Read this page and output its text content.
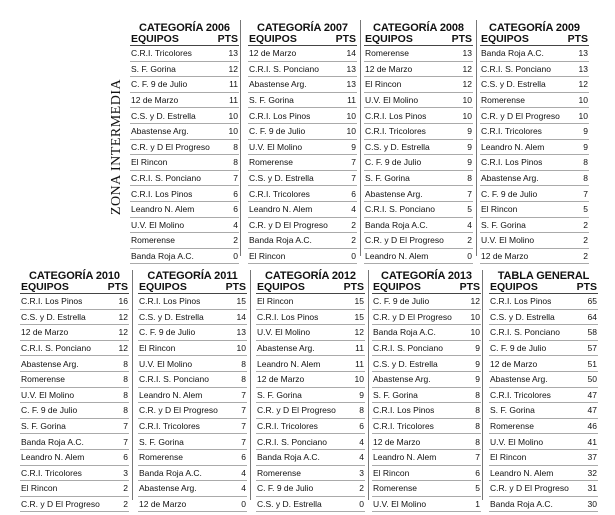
ZONA INTERMEDIA
CATEGORÍA 2006
EQUIPOS	PTS
C.R.I. Tricolores	13
S. F. Gorina	12
C. F. 9 de Julio	11
12 de Marzo	11
C.S. y D. Estrella	10
Abastense Arg.	10
C.R. y D El Progreso	8
El Rincon	8
C.R.I. S. Ponciano	7
C.R.I. Los Pinos	6
Leandro N. Alem	6
U.V. El Molino	4
Romerense	2
Banda Roja A.C.	0
CATEGORÍA 2007
EQUIPOS	PTS
12 de Marzo	14
C.R.I. S. Ponciano	13
Abastense Arg.	13
S. F. Gorina	11
C.R.I. Los Pinos	10
C. F. 9 de Julio	10
U.V. El Molino	9
Romerense	7
C.S. y D. Estrella	7
C.R.I. Tricolores	6
Leandro N. Alem	4
C.R. y D El Progreso	2
Banda Roja A.C.	2
El Rincon	0
CATEGORÍA 2008
EQUIPOS	PTS
Romerense	13
12 de Marzo	12
El Rincon	12
U.V. El Molino	10
C.R.I. Los Pinos	10
C.R.I. Tricolores	9
C.S. y D. Estrella	9
C. F. 9 de Julio	9
S. F. Gorina	8
Abastense Arg.	7
C.R.I. S. Ponciano	5
Banda Roja A.C.	4
C.R. y D El Progreso	2
Leandro N. Alem	0
CATEGORÍA 2009
EQUIPOS	PTS
Banda Roja A.C.	13
C.R.I. S. Ponciano	13
C.S. y D. Estrella	12
Romerense	10
C.R. y D El Progreso	10
C.R.I. Tricolores	9
Leandro N. Alem	9
C.R.I. Los Pinos	8
Abastense Arg.	8
C. F. 9 de Julio	7
El Rincon	5
S. F. Gorina	2
U.V. El Molino	2
12 de Marzo	2
CATEGORÍA 2010
EQUIPOS	PTS
C.R.I. Los Pinos	16
C.S. y D. Estrella	12
12 de Marzo	12
C.R.I. S. Ponciano	12
Abastense Arg.	8
Romerense	8
U.V. El Molino	8
C. F. 9 de Julio	8
S. F. Gorina	7
Banda Roja A.C.	7
Leandro N. Alem	6
C.R.I. Tricolores	3
El Rincon	2
C.R. y D El Progreso	2
CATEGORÍA 2011
EQUIPOS	PTS
C.R.I. Los Pinos	15
C.S. y D. Estrella	14
C. F. 9 de Julio	13
El Rincon	10
U.V. El Molino	8
C.R.I. S. Ponciano	8
Leandro N. Alem	7
C.R. y D El Progreso	7
C.R.I. Tricolores	7
S. F. Gorina	7
Romerense	6
Banda Roja A.C.	4
Abastense Arg.	4
12 de Marzo	0
CATEGORÍA 2012
EQUIPOS	PTS
El Rincon	15
C.R.I. Los Pinos	15
U.V. El Molino	12
Abastense Arg.	11
Leandro N. Alem	11
12 de Marzo	10
S. F. Gorina	9
C.R. y D El Progreso	8
C.R.I. Tricolores	6
C.R.I. S. Ponciano	4
Banda Roja A.C.	4
Romerense	3
C. F. 9 de Julio	2
C.S. y D. Estrella	0
CATEGORÍA 2013
EQUIPOS	PTS
C. F. 9 de Julio	12
C.R. y D El Progreso	10
Banda Roja A.C.	10
C.R.I. S. Ponciano	9
C.S. y D. Estrella	9
Abastense Arg.	9
S. F. Gorina	8
C.R.I. Los Pinos	8
C.R.I. Tricolores	8
12 de Marzo	8
Leandro N. Alem	7
El Rincon	6
Romerense	5
U.V. El Molino	1
TABLA GENERAL
EQUIPOS	PTS
C.R.I. Los Pinos	65
C.S. y D. Estrella	64
C.R.I. S. Ponciano	58
C. F. 9 de Julio	57
12 de Marzo	51
Abastense Arg.	50
C.R.I. Tricolores	47
S. F. Gorina	47
Romerense	46
U.V. El Molino	41
El Rincon	37
Leandro N. Alem	32
C.R. y D El Progreso	31
Banda Roja A.C.	30
